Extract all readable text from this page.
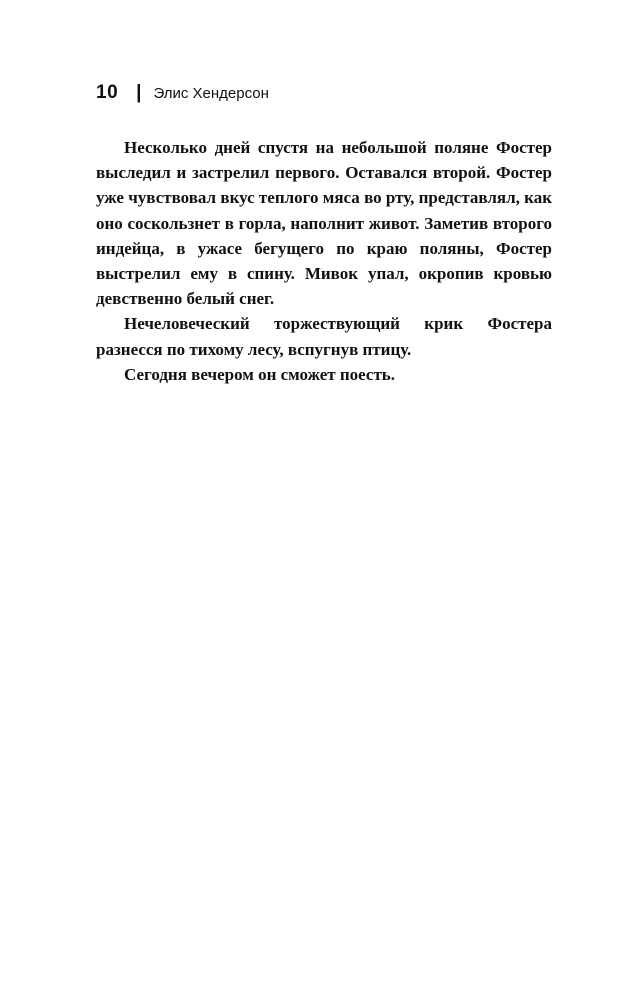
10 | Элис Хендерсон

Несколько дней спустя на небольшой поляне Фостер выследил и застрелил первого. Оставался второй. Фостер уже чувствовал вкус теплого мяса во рту, представлял, как оно соскользнет в горла, наполнит живот. Заметив второго индейца, в ужасе бегущего по краю поляны, Фостер выстрелил ему в спину. Мивок упал, окропив кровью девственно белый снег.

Нечеловеческий торжествующий крик Фостера разнесся по тихому лесу, вспугнув птицу.

Сегодня вечером он сможет поесть.
